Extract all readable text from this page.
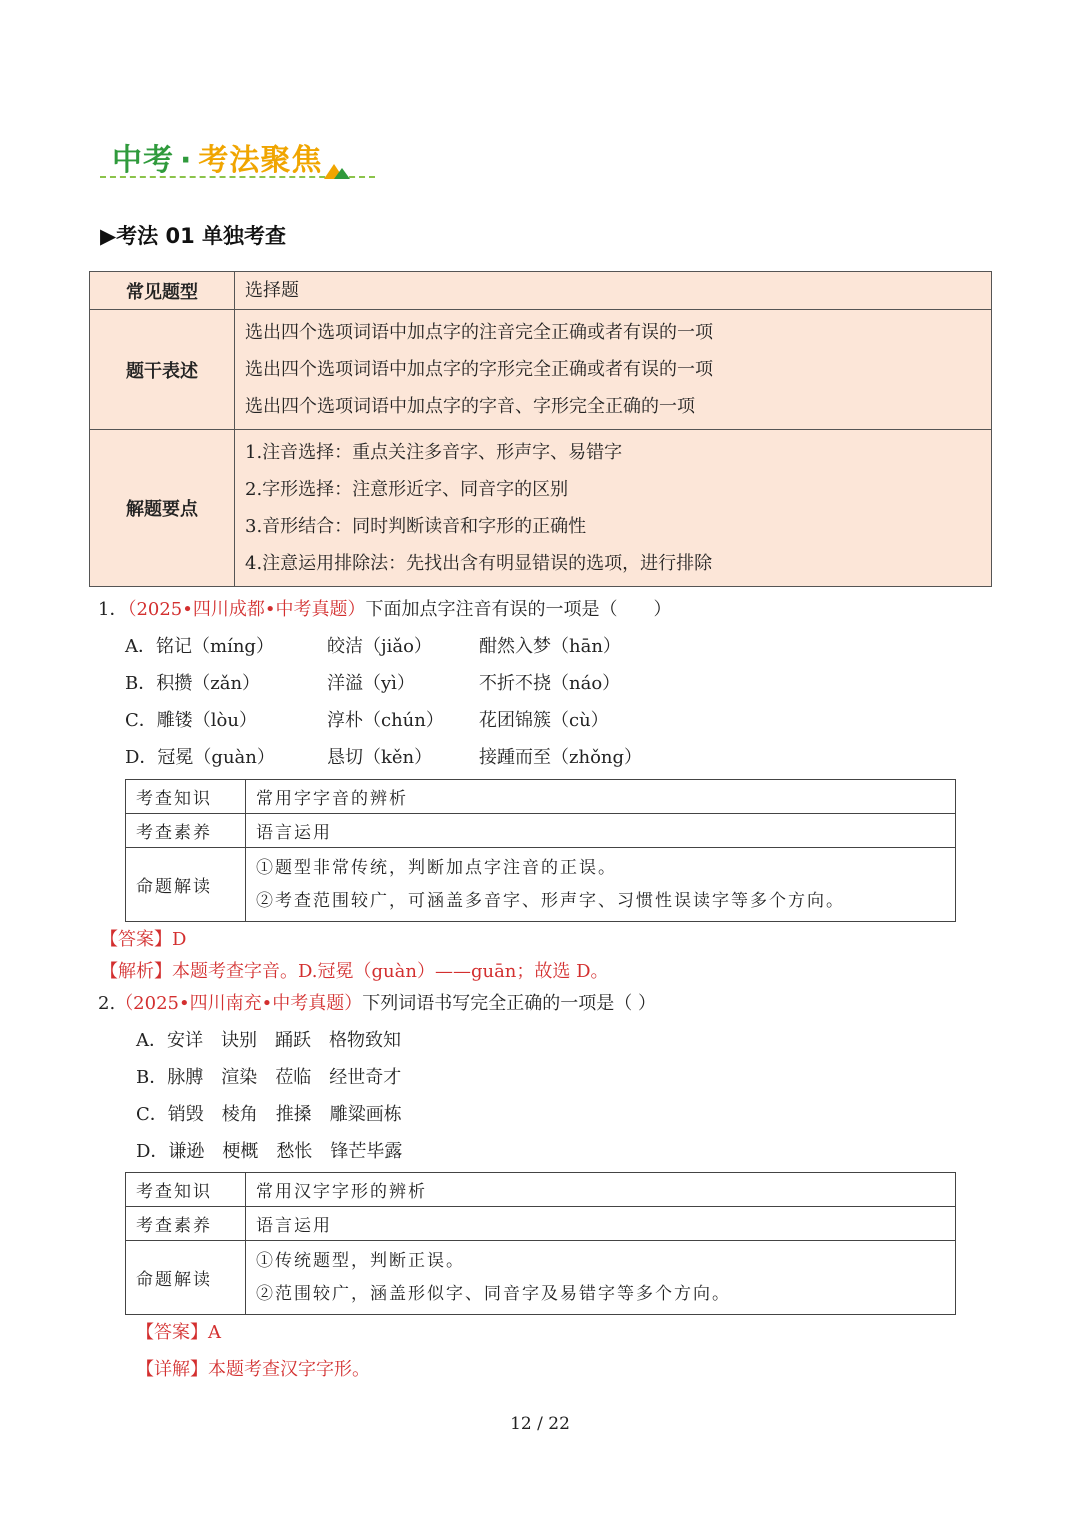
中考 · 考法聚焦
▶考法 01 单独考查
常见题型	选择题

题干表述	选出四个选项词语中加点字的注音完全正确或者有误的一项
选出四个选项词语中加点字的字形完全正确或者有误的一项
选出四个选项词语中加点字的字音、字形完全正确的一项

解题要点	1.注音选择：重点关注多音字、形声字、易错字
2.字形选择：注意形近字、同音字的区别
3.音形结合：同时判断读音和字形的正确性
4.注意运用排除法：先找出含有明显错误的选项，进行排除
1．（2025•四川成都•中考真题）下面加点字注音有误的一项是（　　）
A．铭记（míng）	皎洁（jiǎo）	酣然入梦（hān）
B．积攒（zǎn）	洋溢（yì）	不折不挠（náo）
C．雕镂（lòu）	淳朴（chún） 花团锦簇（cù）
D．冠冕（guàn）	恳切（kěn）	接踵而至（zhǒng）
考查知识	常用字字音的辨析
考查素养	语言运用
命题解读	①题型非常传统，判断加点字注音的正误。
②考查范围较广，可涵盖多音字、形声字、习惯性误读字等多个方向。
【答案】D
【解析】本题考查字音。D.冠冕（guàn）——guān；故选 D。
2.（2025•四川南充•中考真题）下列词语书写完全正确的一项是（ ）
A．安详　诀别　踊跃　格物致知
B．脉膊　渲染　莅临　经世奇才
C．销毁　棱角　推搡　雕粱画栋
D．谦逊　梗概　愁怅　锋芒毕露
考查知识	常用汉字字形的辨析
考查素养	语言运用
命题解读	①传统题型，判断正误。
②范围较广，涵盖形似字、同音字及易错字等多个方向。
【答案】A
【详解】本题考查汉字字形。
12 / 22
